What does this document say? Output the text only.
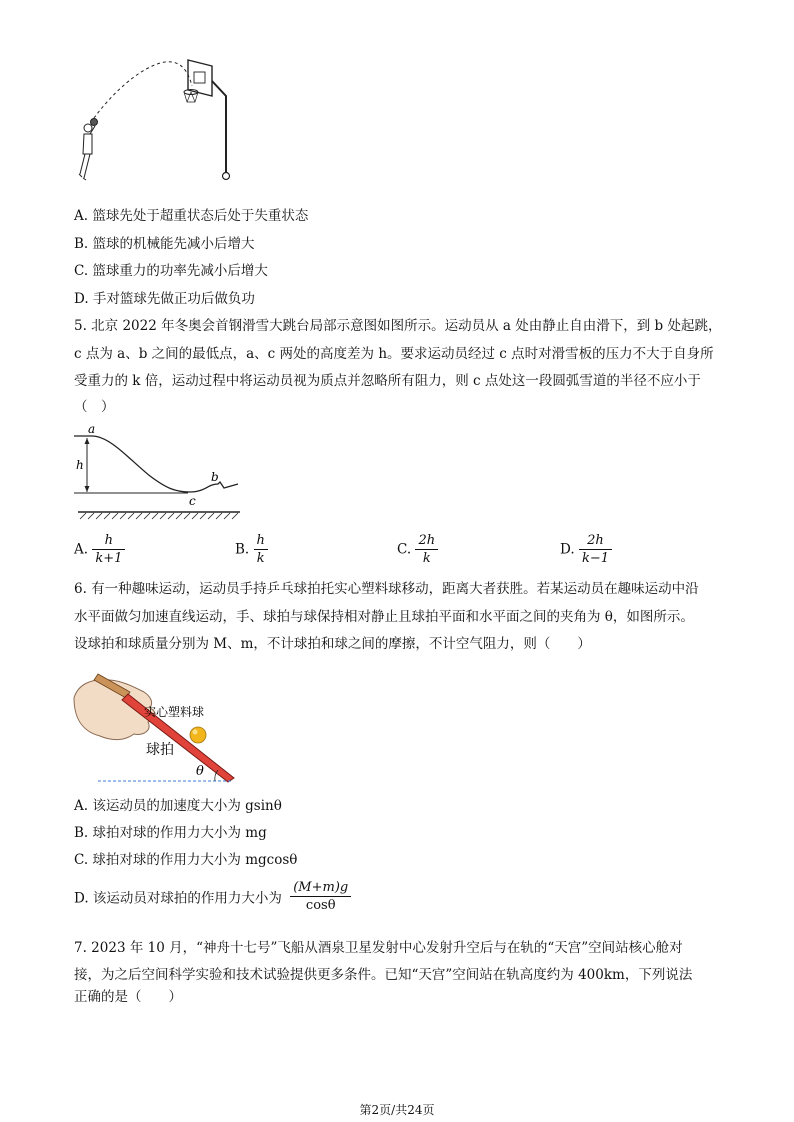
A. 篮球先处于超重状态后处于失重状态
B. 篮球的机械能先减小后增大
C. 篮球重力的功率先减小后增大
D. 手对篮球先做正功后做负功
5. 北京 2022 年冬奥会首钢滑雪大跳台局部示意图如图所示。运动员从 a 处由静止自由滑下，到 b 处起跳，
c 点为 a、b 之间的最低点，a、c 两处的高度差为 h。要求运动员经过 c 点时对滑雪板的压力不大于自身所
受重力的 k 倍，运动过程中将运动员视为质点并忽略所有阻力，则 c 点处这一段圆弧雪道的半径不应小于
（　）
a
h
b
c
A. $\frac{h}{k+1}$	B. $\frac{h}{k}$	C. $\frac{2h}{k}$	D. $\frac{2h}{k-1}$
6. 有一种趣味运动，运动员手持乒乓球拍托实心塑料球移动，距离大者获胜。若某运动员在趣味运动中沿
水平面做匀加速直线运动，手、球拍与球保持相对静止且球拍平面和水平面之间的夹角为 θ，如图所示。
设球拍和球质量分别为 M、m，不计球拍和球之间的摩擦，不计空气阻力，则（　　）
实心塑料球
球拍
θ
A. 该运动员的加速度大小为 gsinθ
B. 球拍对球的作用力大小为 mg
C. 球拍对球的作用力大小为 mgcosθ
D. 该运动员对球拍的作用力大小为 $\frac{(M+m)g}{\cos\theta}$
7. 2023 年 10 月，“神舟十七号”飞船从酒泉卫星发射中心发射升空后与在轨的“天宫”空间站核心舱对
接，为之后空间科学实验和技术试验提供更多条件。已知“天宫”空间站在轨高度约为 400km，下列说法
正确的是（　　）
第2页/共24页
